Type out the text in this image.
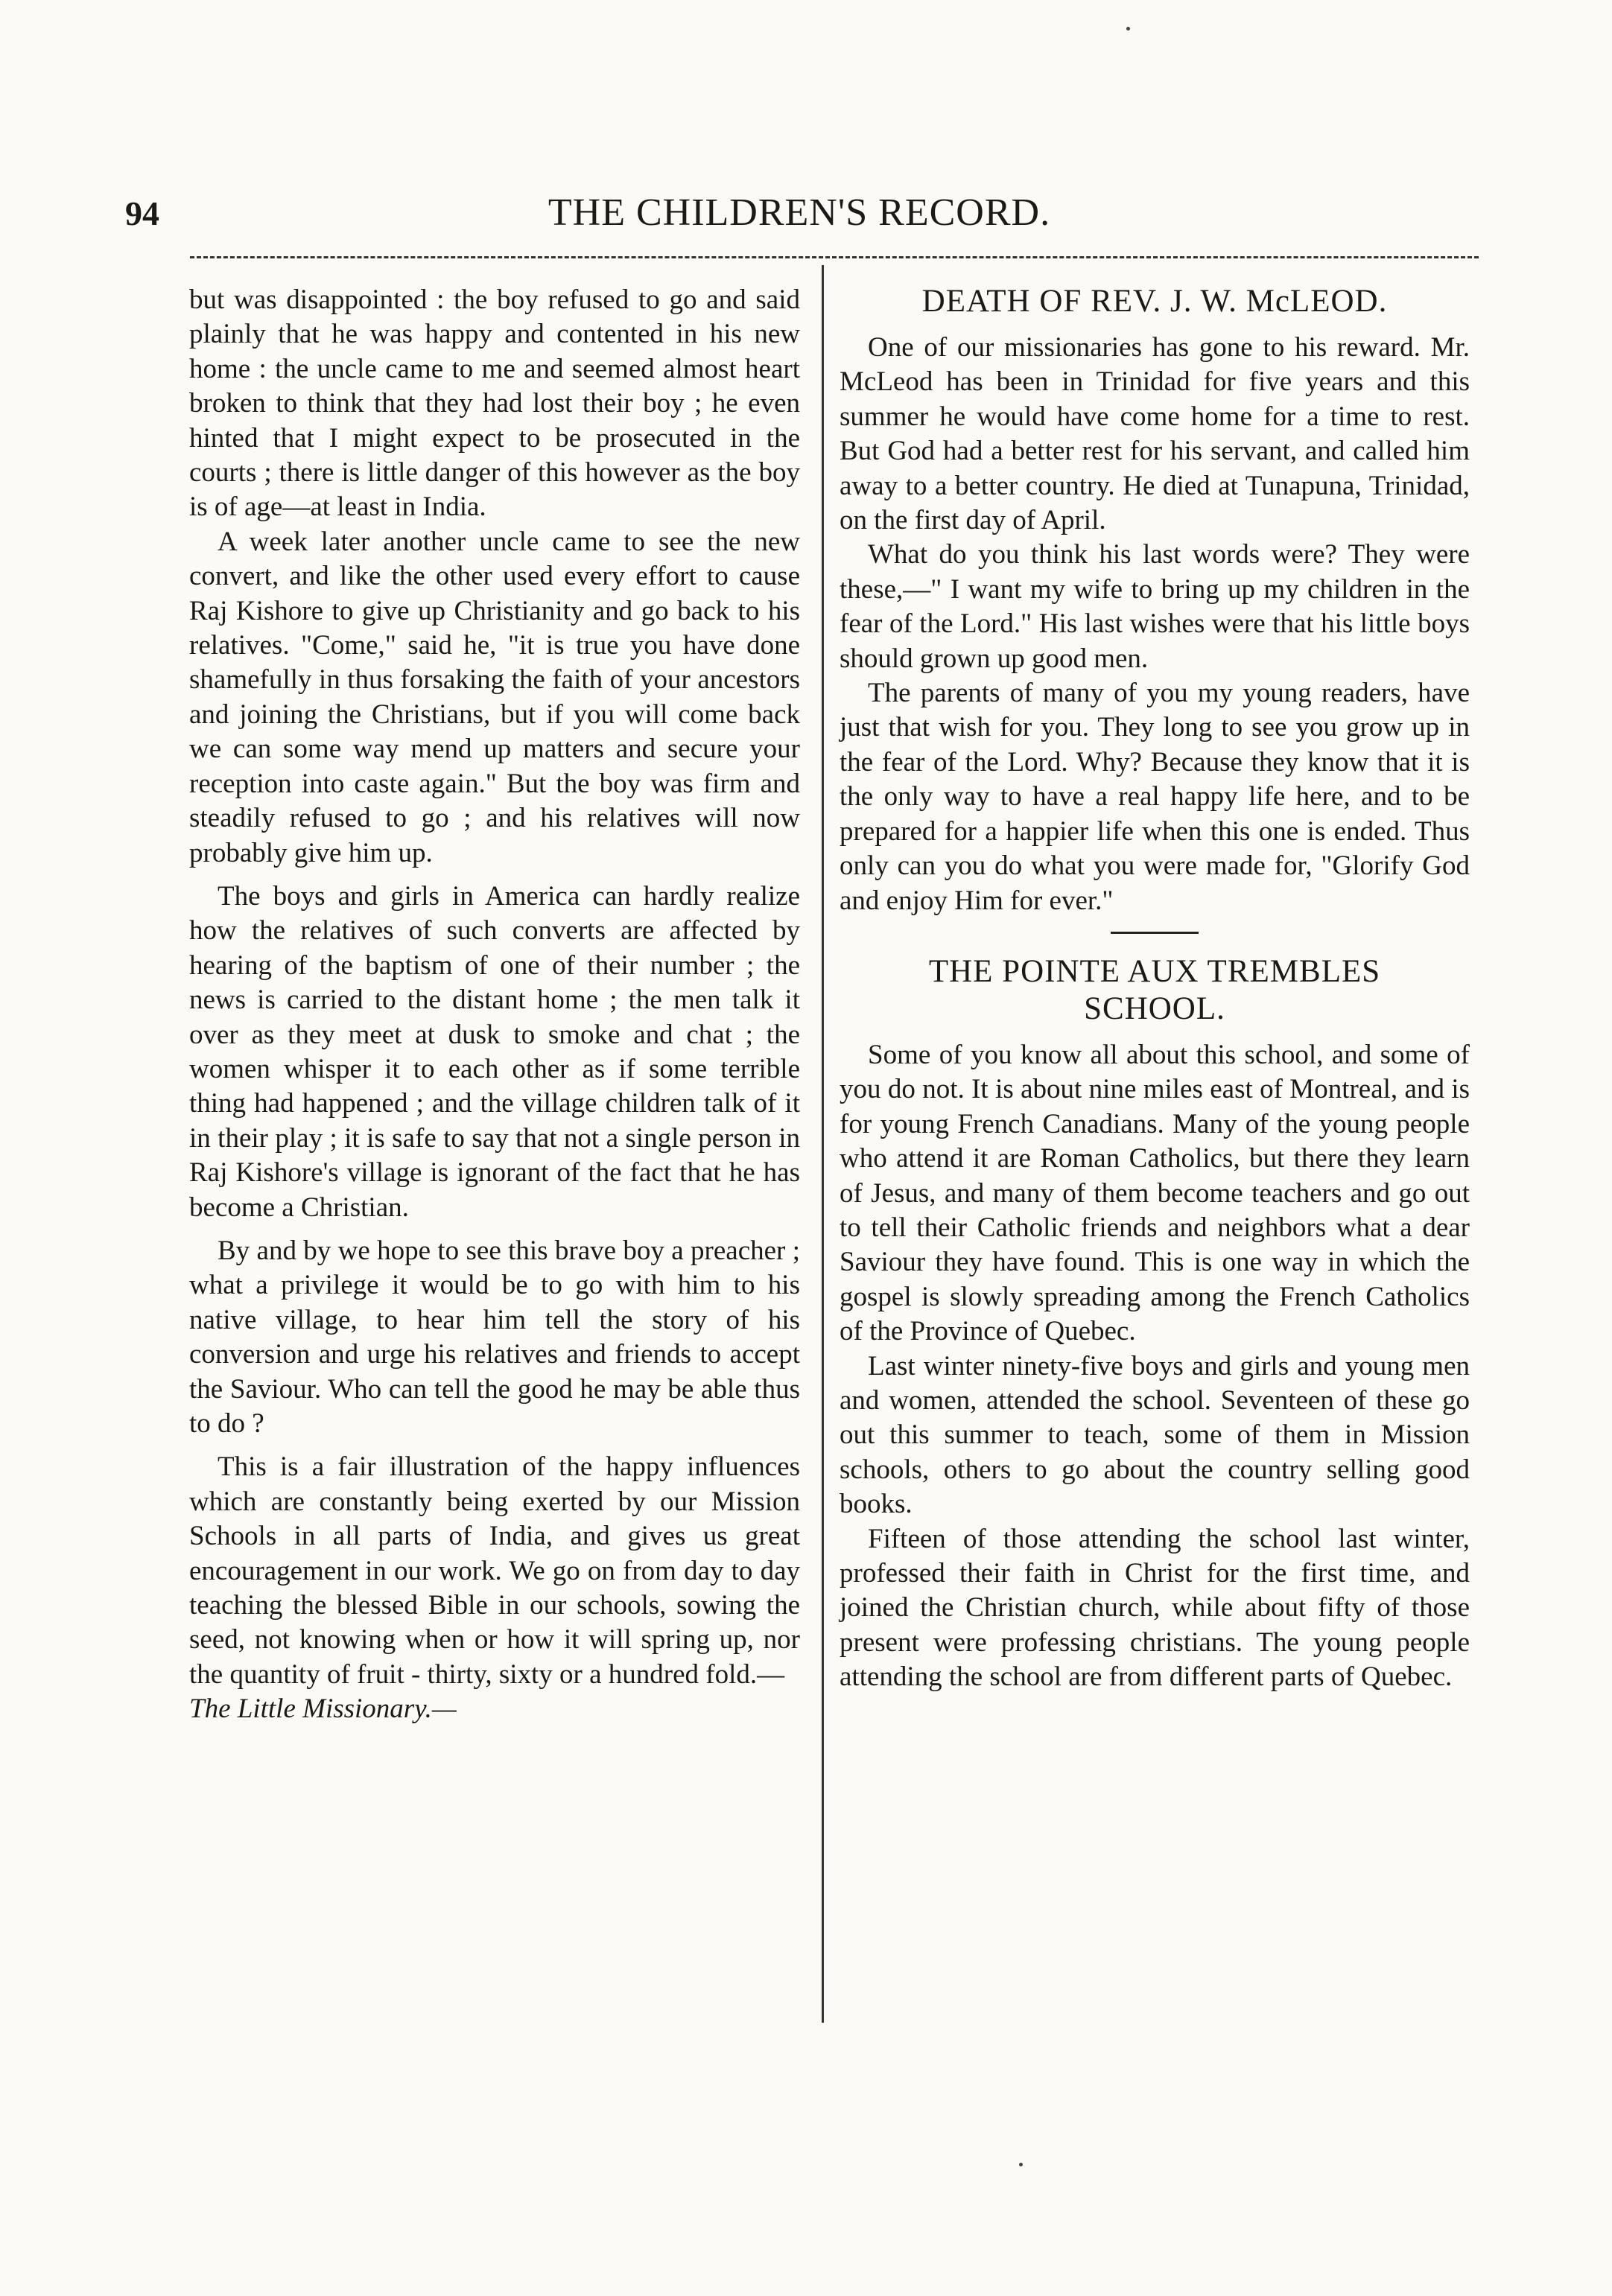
94	THE CHILDREN'S RECORD.

but was disappointed : the boy refused to go and said plainly that he was happy and contented in his new home : the uncle came to me and seemed almost heart broken to think that they had lost their boy ; he even hinted that I might expect to be prosecuted in the courts ; there is little danger of this however as the boy is of age—at least in India.

A week later another uncle came to see the new convert, and like the other used every effort to cause Raj Kishore to give up Christianity and go back to his relatives. "Come," said he, "it is true you have done shamefully in thus forsaking the faith of your ancestors and joining the Christians, but if you will come back we can some way mend up matters and secure your reception into caste again." But the boy was firm and steadily refused to go ; and his relatives will now probably give him up.

The boys and girls in America can hardly realize how the relatives of such converts are affected by hearing of the baptism of one of their number ; the news is carried to the distant home ; the men talk it over as they meet at dusk to smoke and chat ; the women whisper it to each other as if some terrible thing had happened ; and the village children talk of it in their play ; it is safe to say that not a single person in Raj Kishore's village is ignorant of the fact that he has become a Christian.

By and by we hope to see this brave boy a preacher ; what a privilege it would be to go with him to his native village, to hear him tell the story of his conversion and urge his relatives and friends to accept the Saviour. Who can tell the good he may be able thus to do ?

This is a fair illustration of the happy influences which are constantly being exerted by our Mission Schools in all parts of India, and gives us great encouragement in our work. We go on from day to day teaching the blessed Bible in our schools, sowing the seed, not knowing when or how it will spring up, nor the quantity of fruit - thirty, sixty or a hundred fold.—

The Little Missionary.—

DEATH OF REV. J. W. McLEOD.

One of our missionaries has gone to his reward. Mr. McLeod has been in Trinidad for five years and this summer he would have come home for a time to rest. But God had a better rest for his servant, and called him away to a better country. He died at Tunapuna, Trinidad, on the first day of April.

What do you think his last words were? They were these,—" I want my wife to bring up my children in the fear of the Lord." His last wishes were that his little boys should grown up good men.

The parents of many of you my young readers, have just that wish for you. They long to see you grow up in the fear of the Lord. Why? Because they know that it is the only way to have a real happy life here, and to be prepared for a happier life when this one is ended. Thus only can you do what you were made for, "Glorify God and enjoy Him for ever."

THE POINTE AUX TREMBLES
SCHOOL.

Some of you know all about this school, and some of you do not. It is about nine miles east of Montreal, and is for young French Canadians. Many of the young people who attend it are Roman Catholics, but there they learn of Jesus, and many of them become teachers and go out to tell their Catholic friends and neighbors what a dear Saviour they have found. This is one way in which the gospel is slowly spreading among the French Catholics of the Province of Quebec.

Last winter ninety-five boys and girls and young men and women, attended the school. Seventeen of these go out this summer to teach, some of them in Mission schools, others to go about the country selling good books.

Fifteen of those attending the school last winter, professed their faith in Christ for the first time, and joined the Christian church, while about fifty of those present were professing christians. The young people attending the school are from different parts of Quebec.
